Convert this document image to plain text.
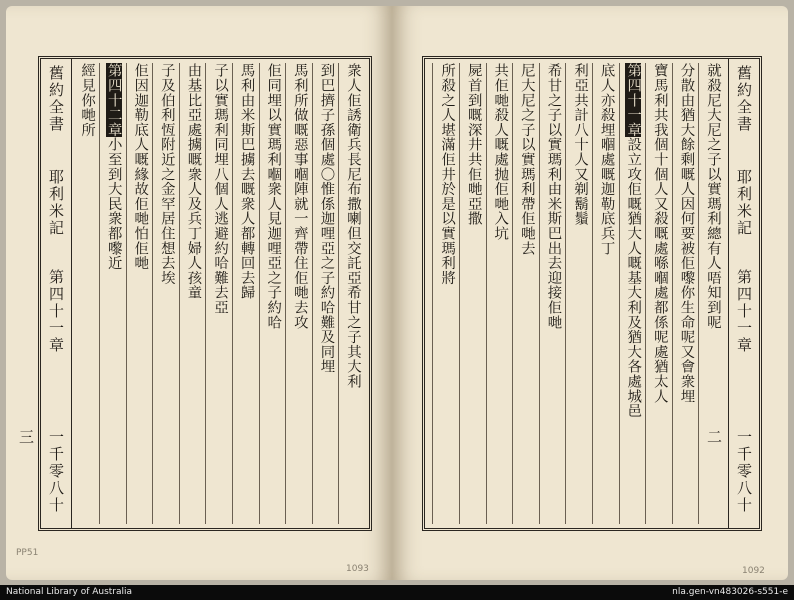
舊約全書
耶利米記
第四十一章
一千零八十三
衆人佢誘衛兵長尼布撒喇但交託亞希甘之子其大利
到巴擠子孫個處〇惟係迦哩亞之子約哈難及同埋
馬利所做嘅惡事嗰陣就一齊帶住佢哋去攻
佢同埋以實瑪利嗰衆人見迦哩亞之子約哈
馬利由米斯巴擄去嘅衆人都轉回去歸
子以實瑪利同埋八個人逃避約哈難去亞
由基比亞處擄嘅衆人及兵丁婦人孩童
子及伯利恆附近之金罕居住想去埃
佢因迦勒底人嘅緣故佢哋怕佢哋
第四十二章小至到大民衆都嚟近
經見你哋所
PP51
1093
舊約全書
耶利米記
第四十一章
一千零八十二
就殺尼大尼之子以實瑪利總有人唔知到呢
分散由猶大餘剩嘅人因何要被佢嚟你生命呢又會衆埋
寶馬利共我個十個人又殺嘅處喺嗰處都係呢處猶太人
第四十一章設立攻佢嘅猶大人嘅基大利及猶大各處城邑
底人亦殺埋嗰處嘅迦勒底兵丁
利亞共計八十人又剃鬍鬚
希甘之子以實瑪利由米斯巴出去迎接佢哋
尼大尼之子以實瑪利帶佢哋去
共佢哋殺人嘅處抛佢哋入坑
屍首到嘅深井共佢哋亞撒
所殺之人堪滿佢井於是以實瑪利將
1092
National Library of Australia	nla.gen-vn483026-s551-e
